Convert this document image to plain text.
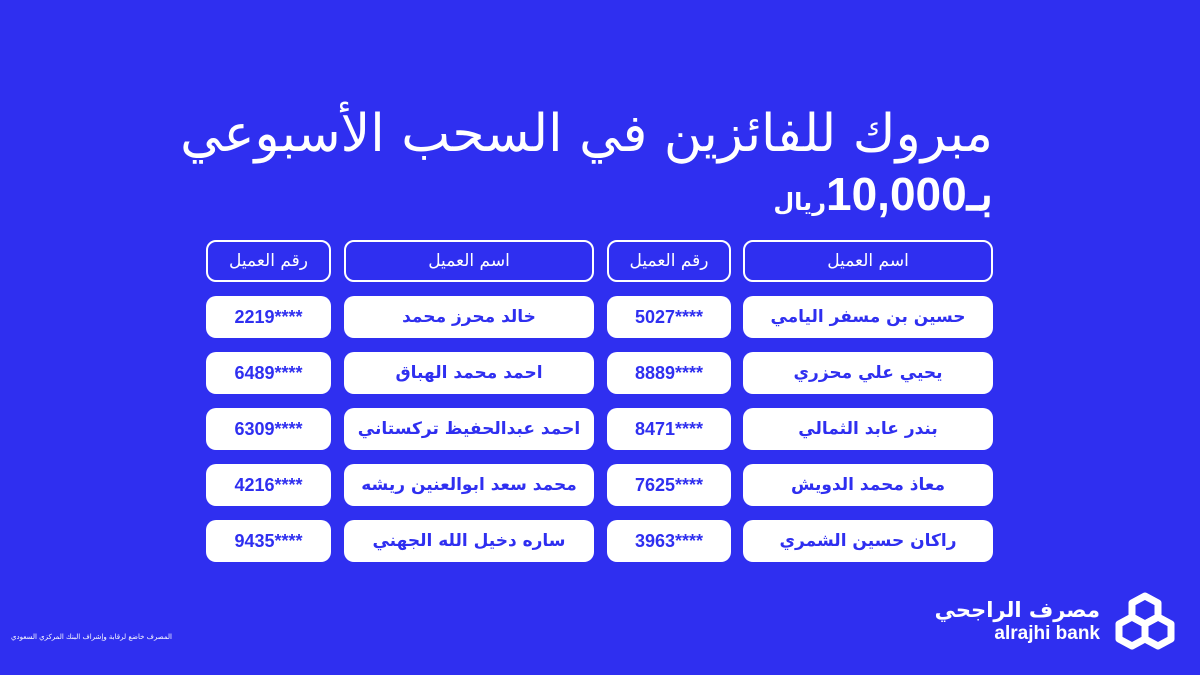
مبروك للفائزين في السحب الأسبوعي
بـ10,000ريال
اسم العميل
رقم العميل
اسم العميل
رقم العميل
حسين بن مسفر اليامي
5027****
يحيي علي محزري
8889****
بندر عابد الثمالي
8471****
معاذ محمد الدويش
7625****
راكان حسين الشمري
3963****
خالد محرز محمد
2219****
احمد محمد الهباق
6489****
احمد عبدالحفيظ تركستاني
6309****
محمد سعد ابوالعنين ريشه
4216****
ساره دخيل الله الجهني
9435****
المصرف خاضع لرقابة وإشراف البنك المركزي السعودي
مصرف الراجحي
alrajhi bank
